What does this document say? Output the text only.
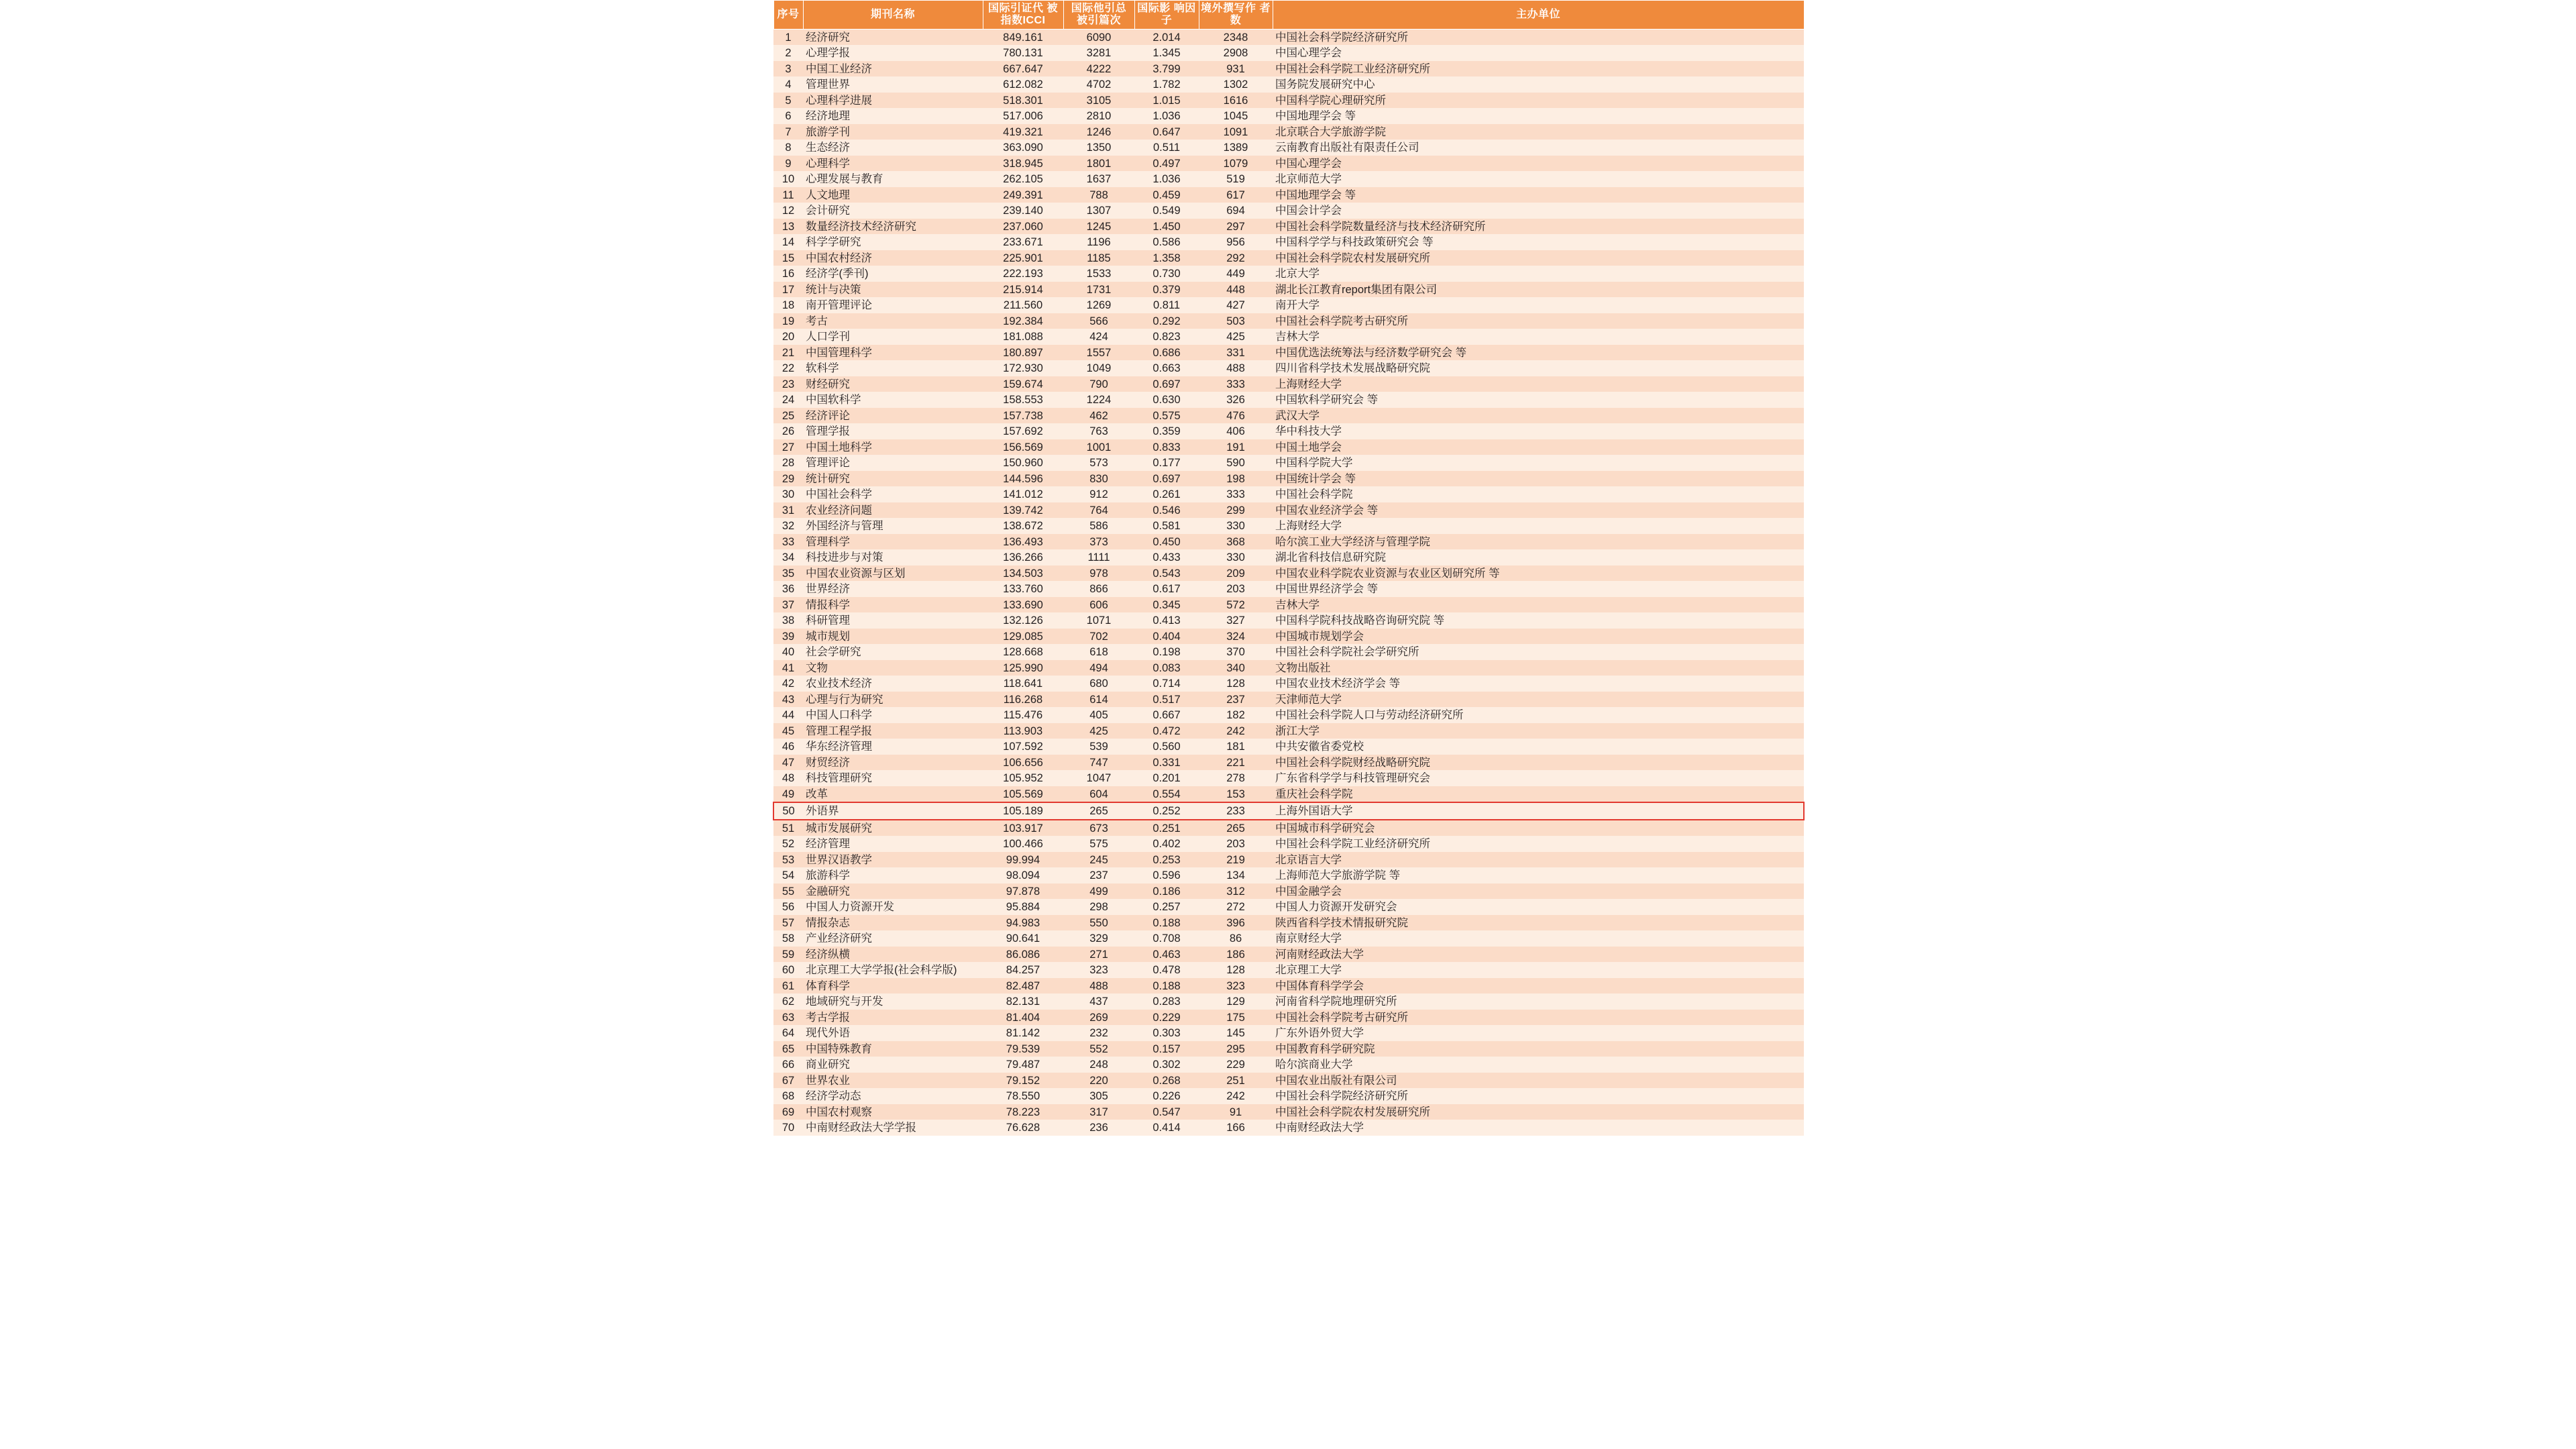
序号	期刊名称	国际引证代 被指数ICCI	国际他引总 被引篇次	国际影 响因子	境外撰写作 者数	主办单位
1	经济研究	849.161	6090	2.014	2348	中国社会科学院经济研究所
2	心理学报	780.131	3281	1.345	2908	中国心理学会
3	中国工业经济	667.647	4222	3.799	931	中国社会科学院工业经济研究所
4	管理世界	612.082	4702	1.782	1302	国务院发展研究中心
5	心理科学进展	518.301	3105	1.015	1616	中国科学院心理研究所
6	经济地理	517.006	2810	1.036	1045	中国地理学会 等
7	旅游学刊	419.321	1246	0.647	1091	北京联合大学旅游学院
8	生态经济	363.090	1350	0.511	1389	云南教育出版社有限责任公司
9	心理科学	318.945	1801	0.497	1079	中国心理学会
10	心理发展与教育	262.105	1637	1.036	519	北京师范大学
11	人文地理	249.391	788	0.459	617	中国地理学会 等
12	会计研究	239.140	1307	0.549	694	中国会计学会
13	数量经济技术经济研究	237.060	1245	1.450	297	中国社会科学院数量经济与技术经济研究所
14	科学学研究	233.671	1196	0.586	956	中国科学学与科技政策研究会 等
15	中国农村经济	225.901	1185	1.358	292	中国社会科学院农村发展研究所
16	经济学(季刊)	222.193	1533	0.730	449	北京大学
17	统计与决策	215.914	1731	0.379	448	湖北长江教育report集团有限公司
18	南开管理评论	211.560	1269	0.811	427	南开大学
19	考古	192.384	566	0.292	503	中国社会科学院考古研究所
20	人口学刊	181.088	424	0.823	425	吉林大学
21	中国管理科学	180.897	1557	0.686	331	中国优选法统筹法与经济数学研究会 等
22	软科学	172.930	1049	0.663	488	四川省科学技术发展战略研究院
23	财经研究	159.674	790	0.697	333	上海财经大学
24	中国软科学	158.553	1224	0.630	326	中国软科学研究会 等
25	经济评论	157.738	462	0.575	476	武汉大学
26	管理学报	157.692	763	0.359	406	华中科技大学
27	中国土地科学	156.569	1001	0.833	191	中国土地学会
28	管理评论	150.960	573	0.177	590	中国科学院大学
29	统计研究	144.596	830	0.697	198	中国统计学会 等
30	中国社会科学	141.012	912	0.261	333	中国社会科学院
31	农业经济问题	139.742	764	0.546	299	中国农业经济学会 等
32	外国经济与管理	138.672	586	0.581	330	上海财经大学
33	管理科学	136.493	373	0.450	368	哈尔滨工业大学经济与管理学院
34	科技进步与对策	136.266	1111	0.433	330	湖北省科技信息研究院
35	中国农业资源与区划	134.503	978	0.543	209	中国农业科学院农业资源与农业区划研究所 等
36	世界经济	133.760	866	0.617	203	中国世界经济学会 等
37	情报科学	133.690	606	0.345	572	吉林大学
38	科研管理	132.126	1071	0.413	327	中国科学院科技战略咨询研究院 等
39	城市规划	129.085	702	0.404	324	中国城市规划学会
40	社会学研究	128.668	618	0.198	370	中国社会科学院社会学研究所
41	文物	125.990	494	0.083	340	文物出版社
42	农业技术经济	118.641	680	0.714	128	中国农业技术经济学会 等
43	心理与行为研究	116.268	614	0.517	237	天津师范大学
44	中国人口科学	115.476	405	0.667	182	中国社会科学院人口与劳动经济研究所
45	管理工程学报	113.903	425	0.472	242	浙江大学
46	华东经济管理	107.592	539	0.560	181	中共安徽省委党校
47	财贸经济	106.656	747	0.331	221	中国社会科学院财经战略研究院
48	科技管理研究	105.952	1047	0.201	278	广东省科学学与科技管理研究会
49	改革	105.569	604	0.554	153	重庆社会科学院
50	外语界	105.189	265	0.252	233	上海外国语大学
51	城市发展研究	103.917	673	0.251	265	中国城市科学研究会
52	经济管理	100.466	575	0.402	203	中国社会科学院工业经济研究所
53	世界汉语教学	99.994	245	0.253	219	北京语言大学
54	旅游科学	98.094	237	0.596	134	上海师范大学旅游学院 等
55	金融研究	97.878	499	0.186	312	中国金融学会
56	中国人力资源开发	95.884	298	0.257	272	中国人力资源开发研究会
57	情报杂志	94.983	550	0.188	396	陕西省科学技术情报研究院
58	产业经济研究	90.641	329	0.708	86	南京财经大学
59	经济纵横	86.086	271	0.463	186	河南财经政法大学
60	北京理工大学学报(社会科学版)	84.257	323	0.478	128	北京理工大学
61	体育科学	82.487	488	0.188	323	中国体育科学学会
62	地域研究与开发	82.131	437	0.283	129	河南省科学院地理研究所
63	考古学报	81.404	269	0.229	175	中国社会科学院考古研究所
64	现代外语	81.142	232	0.303	145	广东外语外贸大学
65	中国特殊教育	79.539	552	0.157	295	中国教育科学研究院
66	商业研究	79.487	248	0.302	229	哈尔滨商业大学
67	世界农业	79.152	220	0.268	251	中国农业出版社有限公司
68	经济学动态	78.550	305	0.226	242	中国社会科学院经济研究所
69	中国农村观察	78.223	317	0.547	91	中国社会科学院农村发展研究所
70	中南财经政法大学学报	76.628	236	0.414	166	中南财经政法大学
